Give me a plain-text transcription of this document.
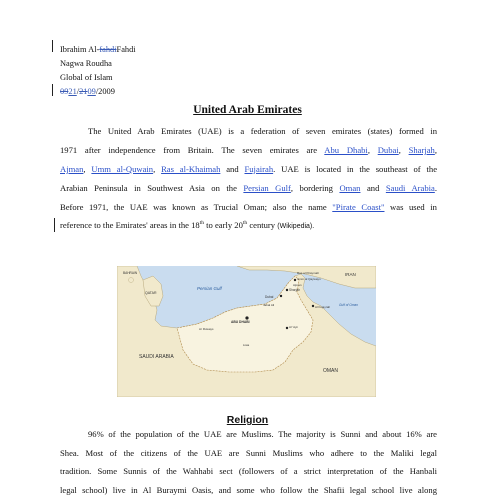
Ibrahim Al-fahdiFahdi
Nagwa Roudha
Global of Islam
0921/2109/2009
United Arab Emirates

The United Arab Emirates (UAE) is a federation of seven emirates (states) formed in

1971 after independence from Britain. The seven emirates are Abu Dhabi, Dubai, Sharjah,

Ajman, Umm al-Quwain, Ras al-Khaimah and Fujairah. UAE is located in the southeast of the

Arabian Peninsula in Southwest Asia on the Persian Gulf, bordering Oman and Saudi Arabia.

Before 1971, the UAE was known as Trucial Oman; also the name "Pirate Coast" was used in

reference to the Emirates' areas in the 18th to early 20th century (Wikipedia).

IRAN
BAHRAIN
QATAR
Persian Gulf
SAUDI ARABIA
OMAN
ABU DHABI
Dubai
Sharjah
Ajman
Umm al Qaywayn
Ras al Khaymah
Al Fujayrah	Gulf of Oman
Al 'Ayn
Jabal Ali
Ar Ruways
Liwa
Religion

96% of the population of the UAE are Muslims. The majority is Sunni and about 16% are

Shea. Most of the citizens of the UAE are Sunni Muslims who adhere to the Maliki legal

tradition. Some Sunnis of the Wahhabi sect (followers of a strict interpretation of the Hanbali

legal school) live in Al Buraymi Oasis, and some who follow the Shafii legal school live along
